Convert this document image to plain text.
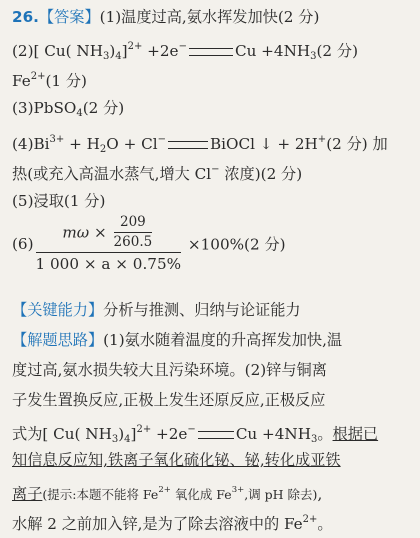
26.【答案】(1)温度过高,氨水挥发加快(2 分)
(2)[ Cu( $NH_3)_4]^{2+} +2e^-$	$Cu +4NH_3(2$ 分)
$Fe^{2+}(1$ 分)
(3)PbSO$_4$(2 分)
$(4)Bi^{3+} + H_2O + Cl^-$	BiOCl ↓ + 2H+(2 分) 加
热(或充入高温水蒸气,增大 Cl− 浓度)(2 分)
(5)浸取(1 分)
$(6) \frac{m\omega \times \frac{209}{260.5}}{1 000 \times a \times 0.75\%} \times 100\%(2$ 分)
【关键能力】分析与推测、归纳与论证能力
【解题思路】(1)氨水随着温度的升高挥发加快,温
度过高,氨水损失较大且污染环境。(2)锌与铜离
子发生置换反应,正极上发生还原反应,正极反应
式为[ Cu( $NH_3)_4]^{2+} +2e^-$	$Cu +4NH_3$。根据已
知信息反应知,铁离子氧化硫化铋、铋,转化成亚铁
离子(提示:本题不能将 $Fe^{2+}$ 氧化成 $Fe^{3+}$,调 pH 除去),
水解 2 之前加入锌,是为了除去溶液中的 $Fe^{2+}$。
